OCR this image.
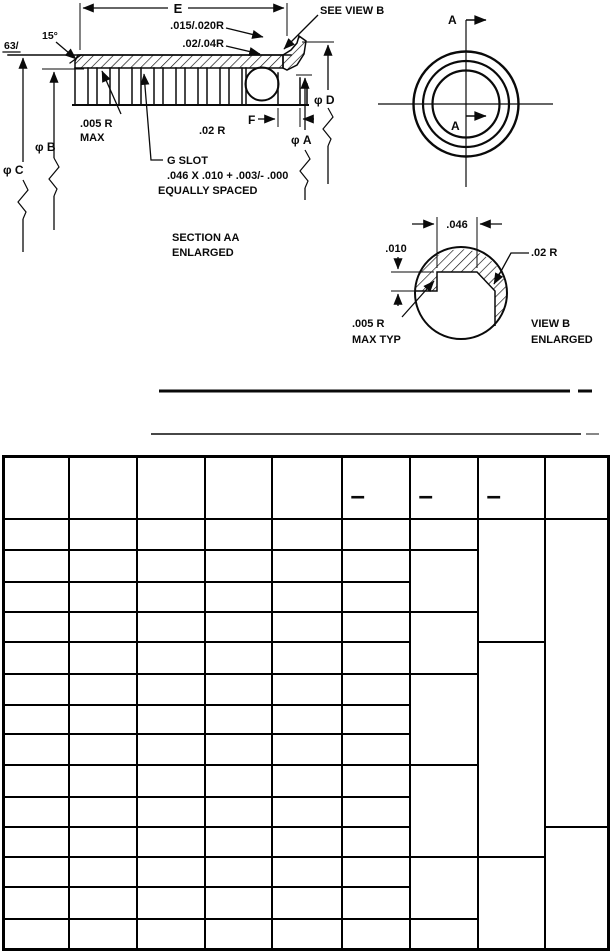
E	SEE VIEW B
.015/.020R
.02/.04R
15°
63/
φ B
φ C
φ D
φ A
F
.02 R
.005 R
MAX
G SLOT
.046 X .010 + .003/- .000
EQUALLY SPACED
SECTION AA
ENLARGED
A
A
.046
.010	.02 R
.005 R
MAX TYP
VIEW B
ENLARGED
					–	–	–	
